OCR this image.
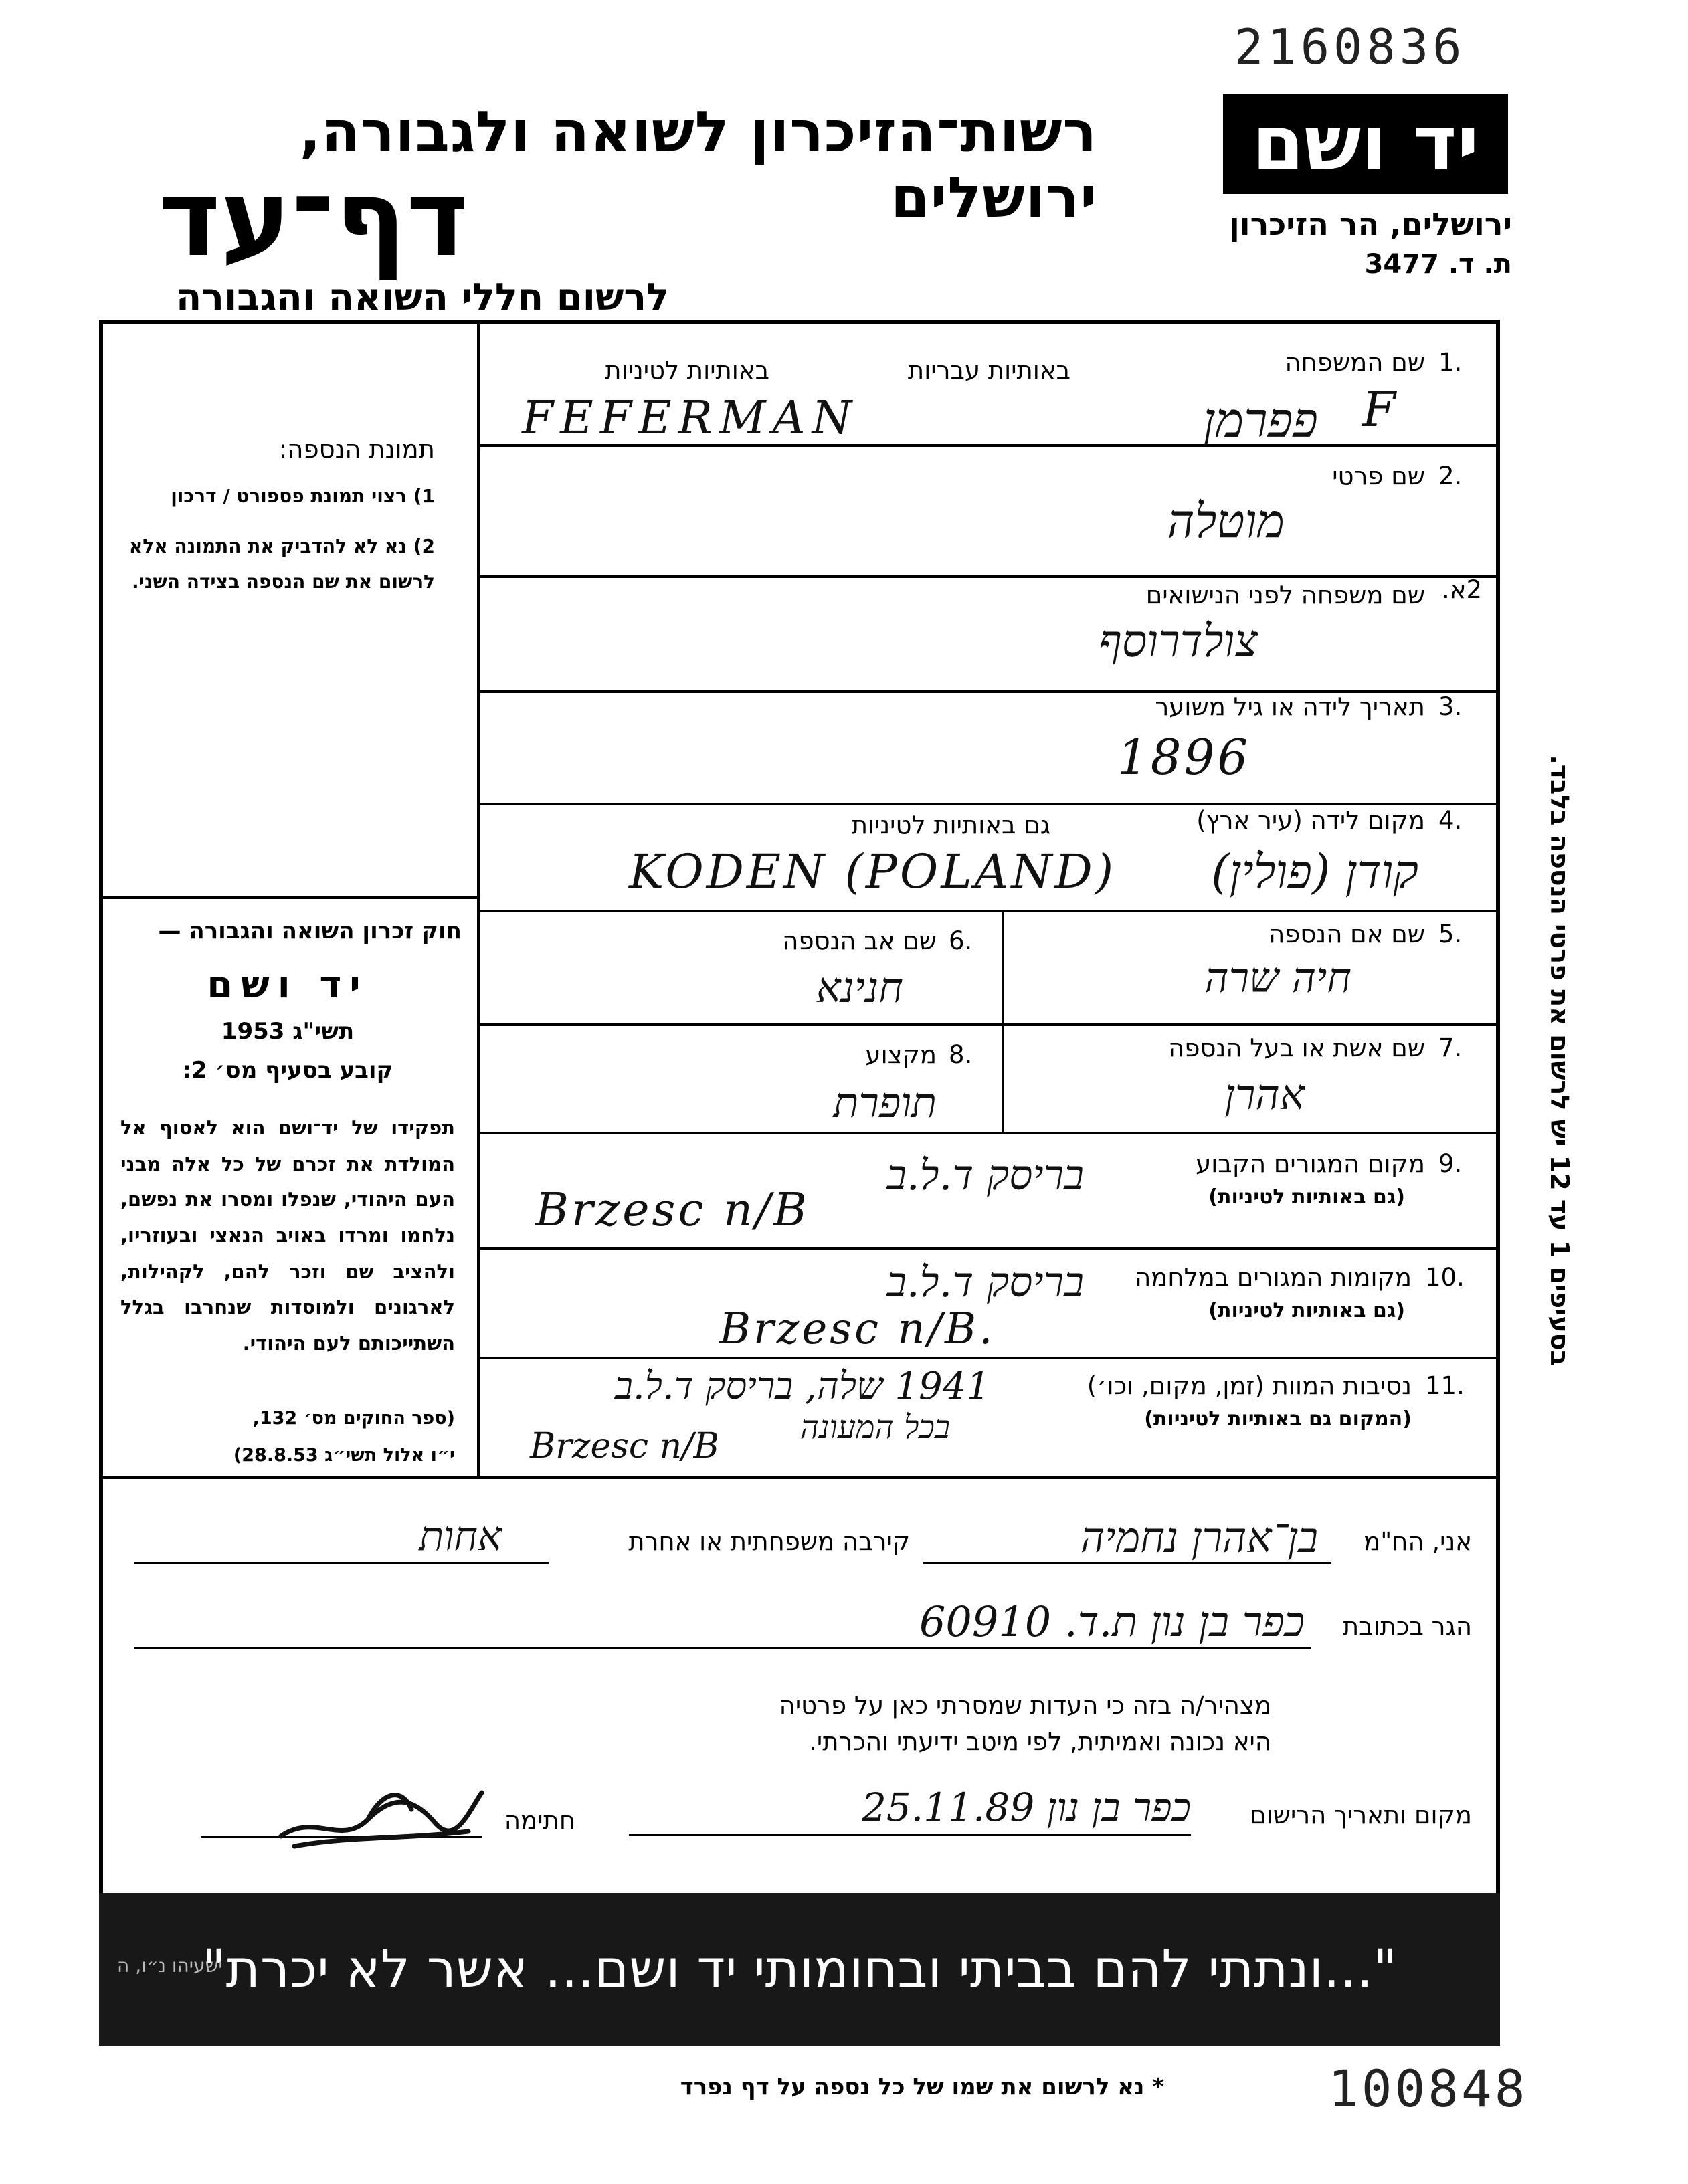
2160836
יד ושם
ירושלים, הר הזיכרון
ת. ד. 3477
רשות־הזיכרון לשואה ולגבורה, ירושלים
דף־עד
לרשום חללי השואה והגבורה
תמונת הנספה:
1) רצוי תמונת פספורט / דרכון
2) נא לא להדביק את התמונה אלא לרשום את שם הנספה בצידה השני.
חוק זכרון השואה והגבורה —
יד ושם
תשי"ג 1953
קובע בסעיף מס׳ 2:
תפקידו של יד־ושם הוא לאסוף אל המולדת את זכרם של כל אלה מבני העם היהודי, שנפלו ומסרו את נפשם, נלחמו ומרדו באויב הנאצי ובעוזריו, ולהציב שם וזכר להם, לקהילות, לארגונים ולמוסדות שנחרבו בגלל השתייכותם לעם היהודי.
(ספר החוקים מס׳ 132,
י״ו אלול תשי״ג 28.8.53)
1.
שם המשפחה
באותיות עבריות
באותיות לטיניות
FEFERMAN	פפרמן F
2.
שם פרטי
מוטלה
2א.
שם משפחה לפני הנישואים
צולדרוסף
3.
תאריך לידה או גיל משוער
1896
4.
מקום לידה (עיר ארץ)
גם באותיות לטיניות
KODEN (POLAND)	קודן (פולין)
5.
שם אם הנספה
חיה שרה
6.
שם אב הנספה
חנינא
7.
שם אשת או בעל הנספה
אהרן
8.
מקצוע
תופרת
9.
מקום המגורים הקבוע
(גם באותיות לטיניות)
בריסק ד.ל.ב
Brzesc n/B
10.
מקומות המגורים במלחמה
(גם באותיות לטיניות)
בריסק ד.ל.ב
Brzesc n/B.
11.
נסיבות המוות (זמן, מקום, וכו׳)
(המקום גם באותיות לטיניות)
1941 שלה, בריסק ד.ל.ב
בכל המעונה
Brzesc n/B
אני, הח"מ
בן־אהרן נחמיה
קירבה משפחתית או אחרת
אחות
הגר בכתובת
כפר בן נון ת.ד. 60910
מצהיר/ה בזה כי העדות שמסרתי כאן על פרטיה
היא נכונה ואמיתית, לפי מיטב ידיעתי והכרתי.
מקום ותאריך הרישום
כפר בן נון 25.11.89
חתימה
"...ונתתי להם בביתי ובחומותי יד ושם... אשר לא יכרת"
ישעיהו נ״ו, ה
בסעיפים 1 עד 12 יש לרשום את פרטי הנספה בלבד.
* נא לרשום את שמו של כל נספה על דף נפרד	100848
